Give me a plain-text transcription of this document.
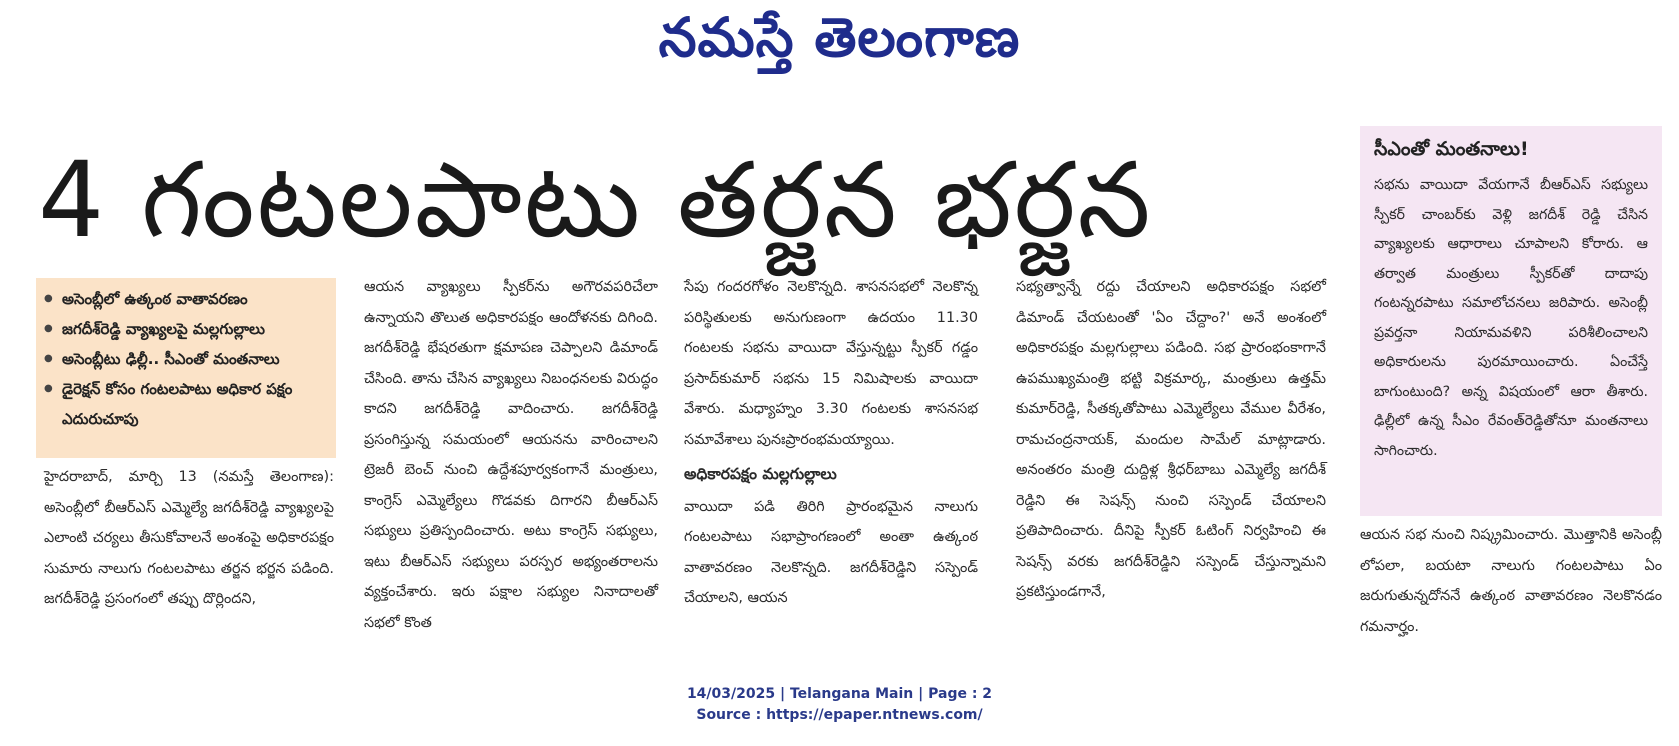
నమస్తే తెలంగాణ
4 గంటలపాటు తర్జన భర్జన
● అసెంబ్లీలో ఉత్కంఠ వాతావరణం
● జగదీశ్‌రెడ్డి వ్యాఖ్యలపై మల్లగుల్లాలు
● అసెంబ్లీటు ఢిల్లీ.. సీఎంతో మంతనాలు
● డైరెక్షన్ కోసం గంటలపాటు అధికార పక్షం ఎదురుచూపు

హైదరాబాద్, మార్చి 13 (నమస్తే తెలంగాణ): అసెంబ్లీలో బీఆర్‌ఎస్ ఎమ్మెల్యే జగదీశ్‌రెడ్డి వ్యాఖ్యలపై ఎలాంటి చర్యలు తీసుకోవాలనే అంశంపై అధికారపక్షం సుమారు నాలుగు గంటలపాటు తర్జన భర్జన పడింది. జగదీశ్‌రెడ్డి ప్రసంగంలో తప్పు దొర్లిందని,

ఆయన వ్యాఖ్యలు స్పీకర్‌ను అగౌరవపరిచేలా ఉన్నాయని తొలుత అధికారపక్షం ఆందోళనకు దిగింది. జగదీశ్‌రెడ్డి భేషరతుగా క్షమాపణ చెప్పాలని డిమాండ్ చేసింది. తాను చేసిన వ్యాఖ్యలు నిబంధనలకు విరుద్ధం కాదని జగదీశ్‌రెడ్డి వాదించారు. జగదీశ్‌రెడ్డి ప్రసంగిస్తున్న సమయంలో ఆయనను వారించాలని ట్రెజరీ బెంచ్ నుంచి ఉద్దేశపూర్వకంగానే మంత్రులు, కాంగ్రెస్ ఎమ్మెల్యేలు గొడవకు దిగారని బీఆర్‌ఎస్ సభ్యులు ప్రతిస్పందించారు. అటు కాంగ్రెస్ సభ్యులు, ఇటు బీఆర్‌ఎస్ సభ్యులు పరస్పర అభ్యంతరాలను వ్యక్తంచేశారు. ఇరు పక్షాల సభ్యుల నినాదాలతో సభలో కొంత

సేపు గందరగోళం నెలకొన్నది. శాసనసభలో నెలకొన్న పరిస్థితులకు అనుగుణంగా ఉదయం 11.30 గంటలకు సభను వాయిదా వేస్తున్నట్టు స్పీకర్ గడ్డం ప్రసాద్‌కుమార్ సభను 15 నిమిషాలకు వాయిదా వేశారు. మధ్యాహ్నం 3.30 గంటలకు శాసనసభ సమావేశాలు పునఃప్రారంభమయ్యాయి.

అధికారపక్షం మల్లగుల్లాలు

వాయిదా పడి తిరిగి ప్రారంభమైన నాలుగు గంటలపాటు సభాప్రాంగణంలో అంతా ఉత్కంఠ వాతావరణం నెలకొన్నది. జగదీశ్‌రెడ్డిని సస్పెండ్ చేయాలని, ఆయన

సభ్యత్వాన్నే రద్దు చేయాలని అధికారపక్షం సభలో డిమాండ్ చేయటంతో 'ఏం చేద్దాం?' అనే అంశంలో అధికారపక్షం మల్లగుల్లాలు పడింది. సభ ప్రారంభంకాగానే ఉపముఖ్యమంత్రి భట్టి విక్రమార్క, మంత్రులు ఉత్తమ్ కుమార్‌రెడ్డి, సీతక్కతోపాటు ఎమ్మెల్యేలు వేముల వీరేశం, రామచంద్రనాయక్, మందుల సామేల్ మాట్లాడారు. అనంతరం మంత్రి దుద్దిళ్ల శ్రీధర్‌బాబు ఎమ్మెల్యే జగదీశ్ రెడ్డిని ఈ సెషన్స్ నుంచి సస్పెండ్ చేయాలని ప్రతిపాదించారు. దీనిపై స్పీకర్ ఓటింగ్ నిర్వహించి ఈ సెషన్స్ వరకు జగదీశ్‌రెడ్డిని సస్పెండ్ చేస్తున్నామని ప్రకటిస్తుండగానే,

సీఎంతో మంతనాలు!
సభను వాయిదా వేయగానే బీఆర్‌ఎస్ సభ్యులు స్పీకర్ చాంబర్‌కు వెళ్లి జగదీశ్ రెడ్డి చేసిన వ్యాఖ్యలకు ఆధారాలు చూపాలని కోరారు. ఆ తర్వాత మంత్రులు స్పీకర్‌తో దాదాపు గంటన్నరపాటు సమాలోచనలు జరిపారు. అసెంబ్లీ ప్రవర్తనా నియామవళిని పరిశీలించాలని అధికారులను పురమాయించారు. ఏంచేస్తే బాగుంటుంది? అన్న విషయంలో ఆరా తీశారు. ఢిల్లీలో ఉన్న సీఎం రేవంత్‌రెడ్డితోనూ మంతనాలు సాగించారు.

ఆయన సభ నుంచి నిష్క్రమించారు. మొత్తానికి అసెంబ్లీ లోపలా, బయటా నాలుగు గంటలపాటు ఏం జరుగుతున్నదోననే ఉత్కంఠ వాతావరణం నెలకొనడం గమనార్హం.

14/03/2025 | Telangana Main | Page : 2
Source : https://epaper.ntnews.com/
